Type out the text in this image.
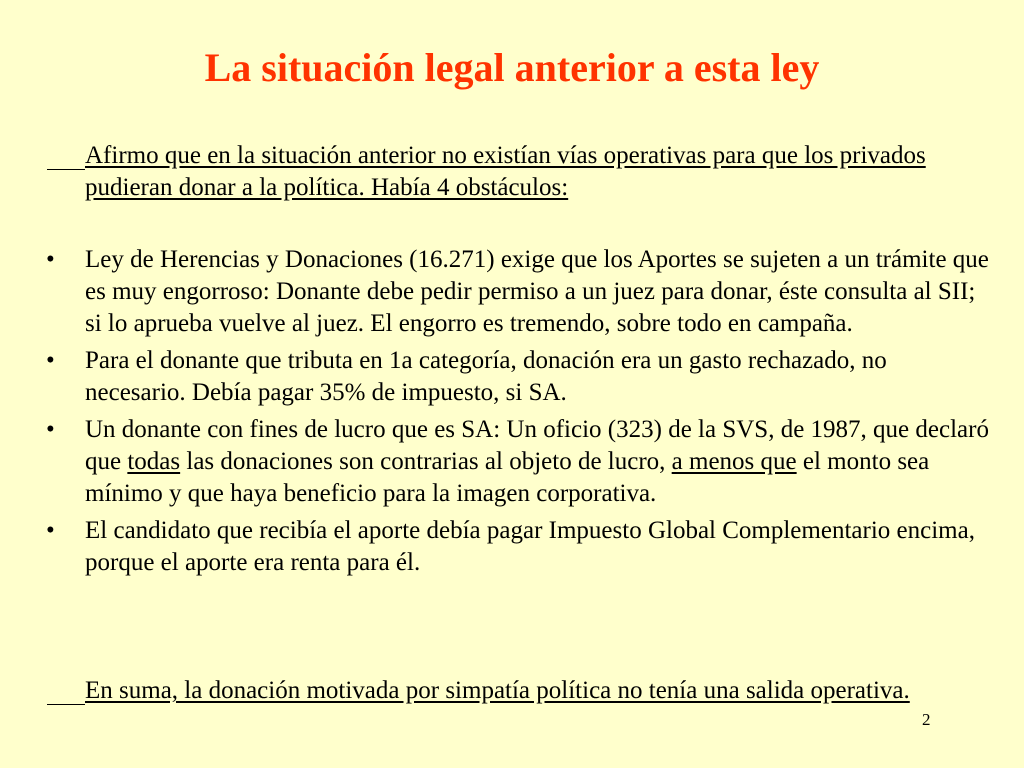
La situación legal anterior a esta ley

Afirmo que en la situación anterior no existían vías operativas para que los privados pudieran donar a la política. Había 4 obstáculos:

• Ley de Herencias y Donaciones (16.271) exige que los Aportes se sujeten a un trámite que es muy engorroso: Donante debe pedir permiso a un juez para donar, éste consulta al SII; si lo aprueba vuelve al juez. El engorro es tremendo, sobre todo en campaña.
• Para el donante que tributa en 1a categoría, donación era un gasto rechazado, no necesario. Debía pagar 35% de impuesto, si SA.
• Un donante con fines de lucro que es SA: Un oficio (323) de la SVS, de 1987, que declaró que todas las donaciones son contrarias al objeto de lucro, a menos que el monto sea mínimo y que haya beneficio para la imagen corporativa.
• El candidato que recibía el aporte debía pagar Impuesto Global Complementario encima, porque el aporte era renta para él.

En suma, la donación motivada por simpatía política no tenía una salida operativa.

2
